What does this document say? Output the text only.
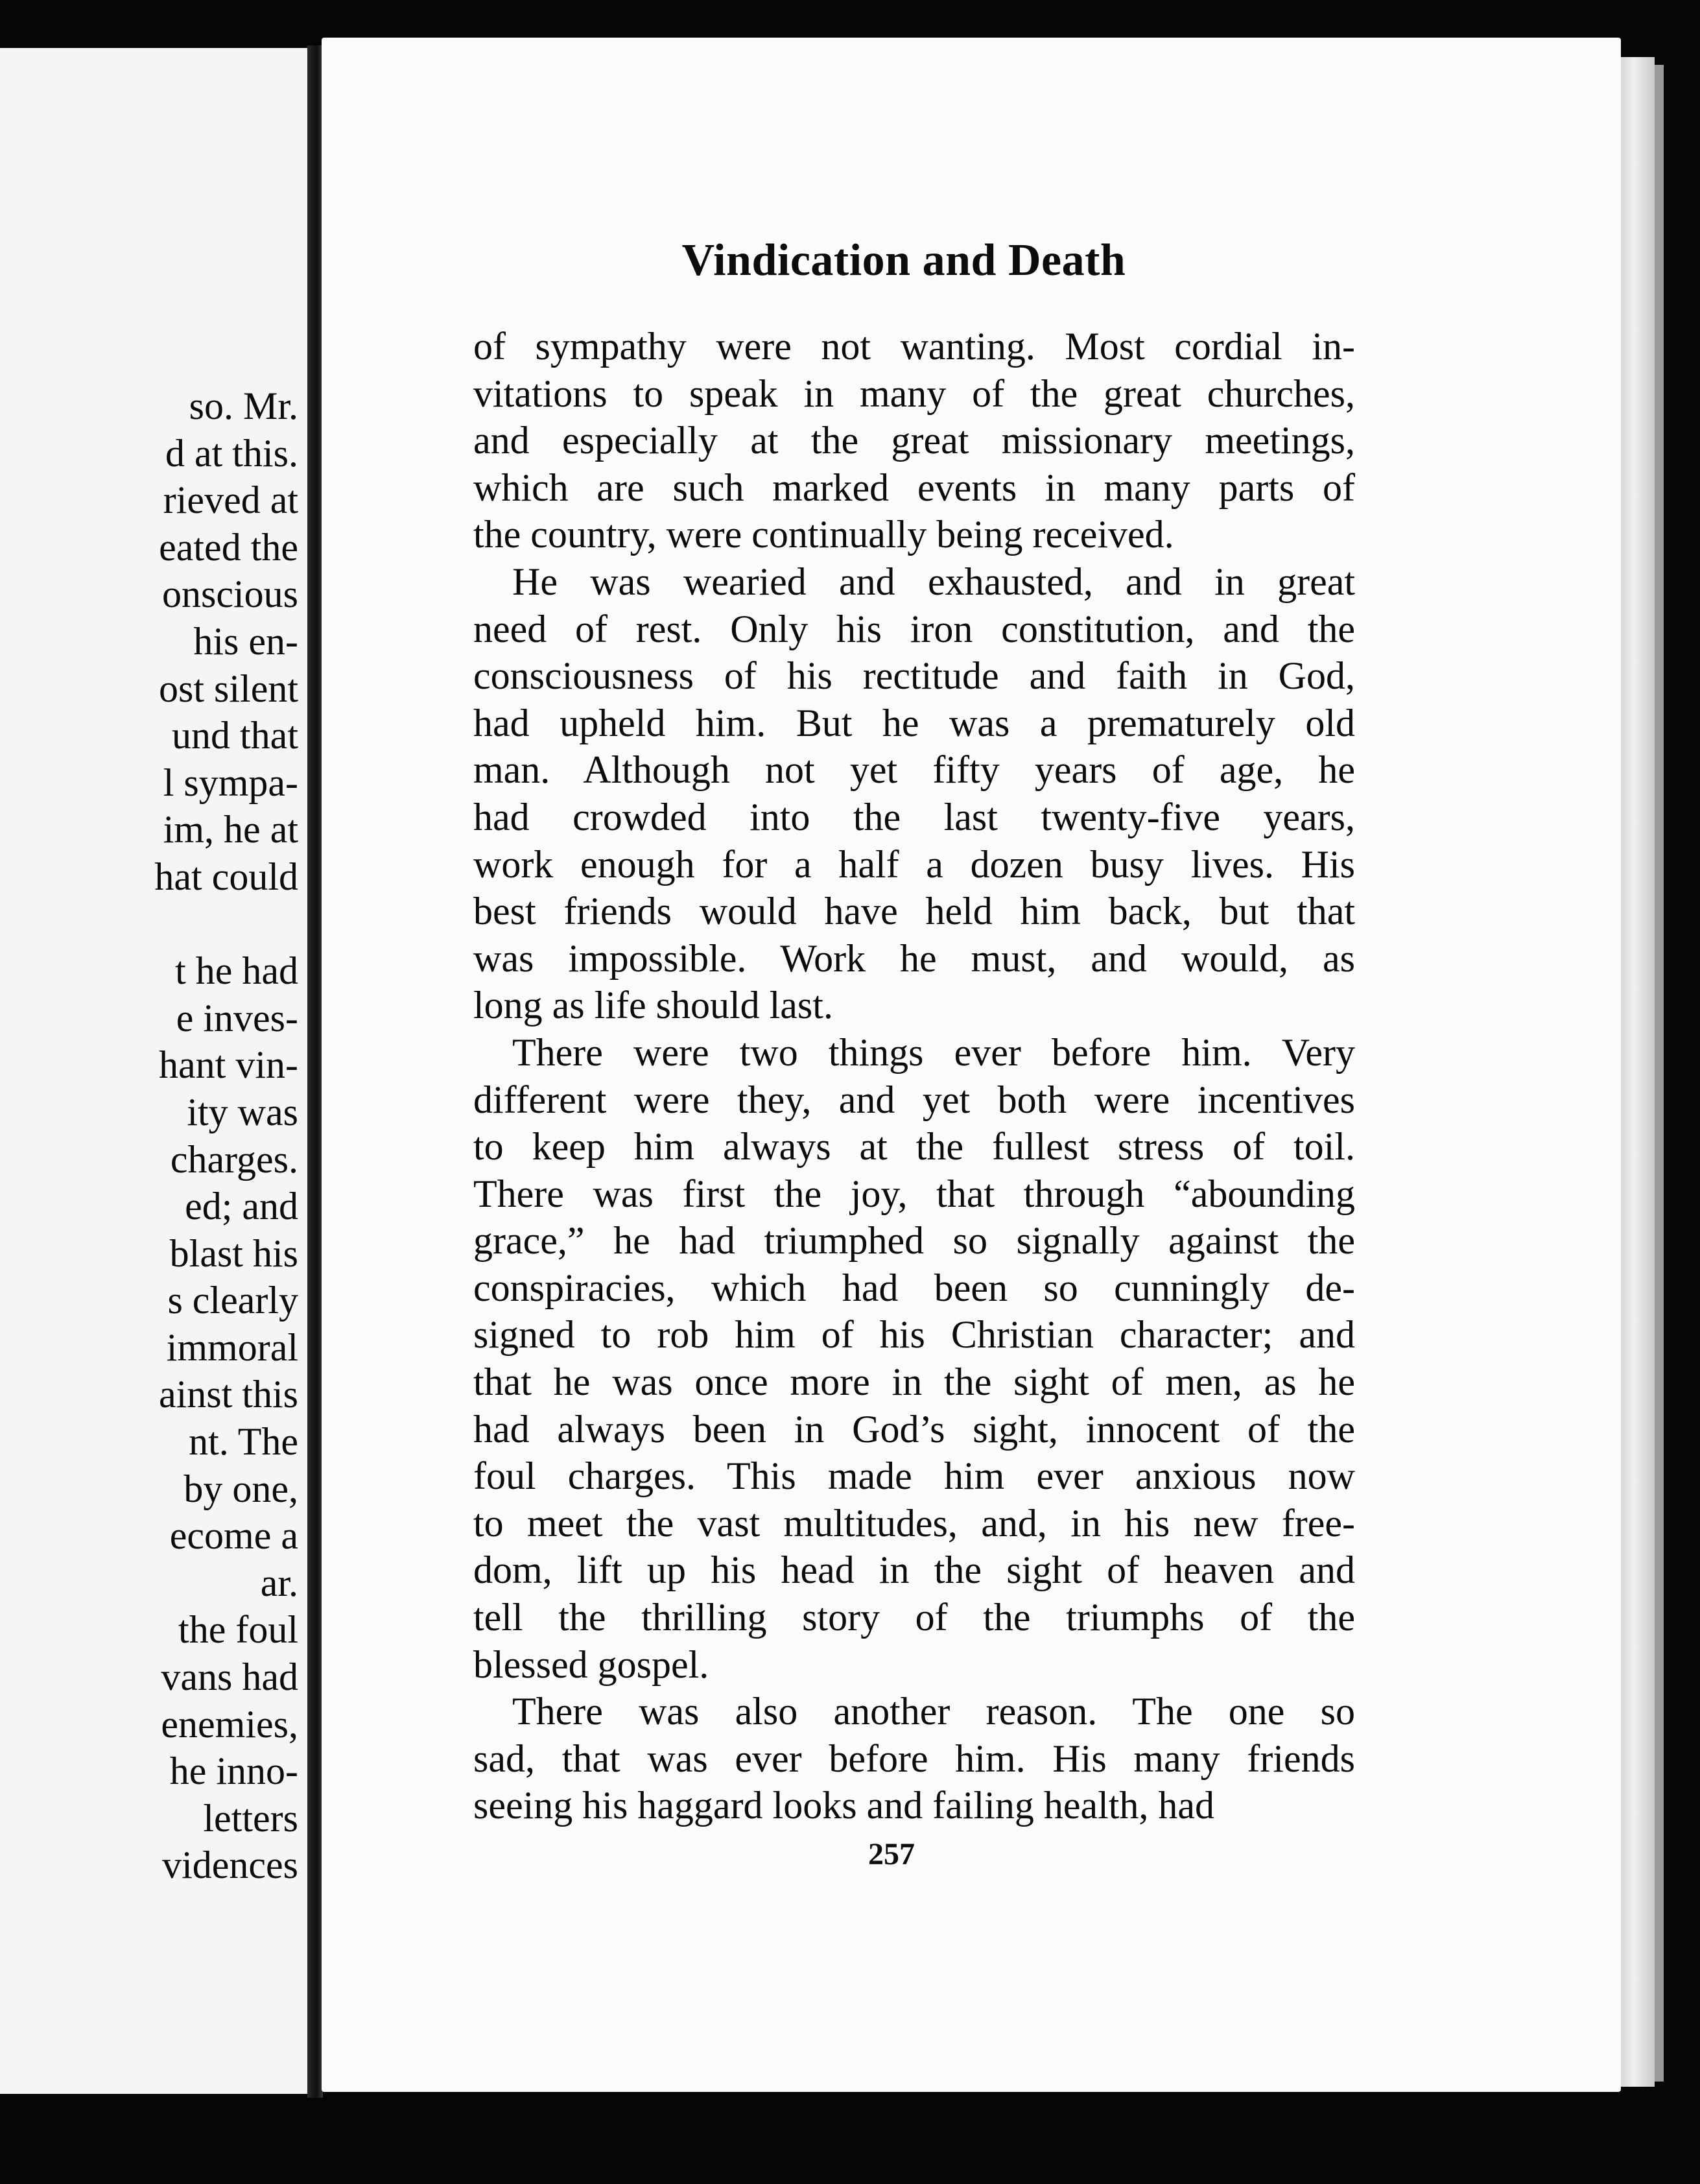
so. Mr.
d at this.
rieved at
eated the
onscious
his en-
ost silent
und that
l sympa-
im, he at
hat could
t he had
e inves-
hant vin-
ity was
charges.
ed; and
blast his
s clearly
immoral
ainst this
nt. The
by one,
ecome a
ar.
the foul
vans had
enemies,
he inno-
letters
vidences
Vindication and Death
of sympathy were not wanting. Most cordial in-
vitations to speak in many of the great churches,
and especially at the great missionary meetings,
which are such marked events in many parts of
the country, were continually being received.
He was wearied and exhausted, and in great
need of rest. Only his iron constitution, and the
consciousness of his rectitude and faith in God,
had upheld him. But he was a prematurely old
man. Although not yet fifty years of age, he
had crowded into the last twenty-five years,
work enough for a half a dozen busy lives. His
best friends would have held him back, but that
was impossible. Work he must, and would, as
long as life should last.
There were two things ever before him. Very
different were they, and yet both were incentives
to keep him always at the fullest stress of toil.
There was first the joy, that through “abounding
grace,” he had triumphed so signally against the
conspiracies, which had been so cunningly de-
signed to rob him of his Christian character; and
that he was once more in the sight of men, as he
had always been in God’s sight, innocent of the
foul charges. This made him ever anxious now
to meet the vast multitudes, and, in his new free-
dom, lift up his head in the sight of heaven and
tell the thrilling story of the triumphs of the
blessed gospel.
There was also another reason. The one so
sad, that was ever before him. His many friends
seeing his haggard looks and failing health, had
257
